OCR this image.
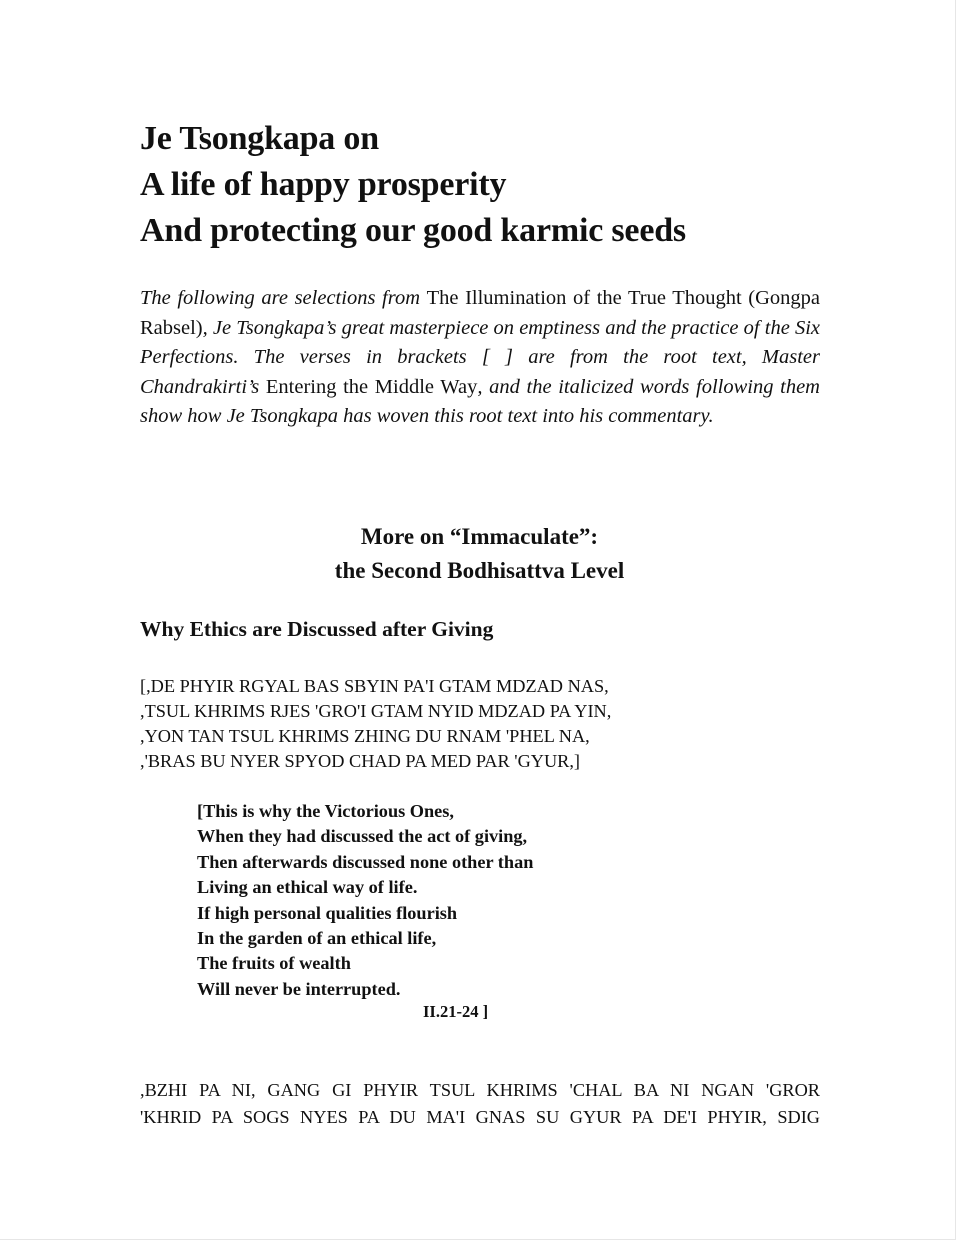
Je Tsongkapa on
A life of happy prosperity
And protecting our good karmic seeds

The following are selections from The Illumination of the True Thought (Gongpa Rabsel), Je Tsongkapa’s great masterpiece on emptiness and the practice of the Six Perfections. The verses in brackets [ ] are from the root text, Master Chandrakirti’s Entering the Middle Way, and the italicized words following them show how Je Tsongkapa has woven this root text into his commentary.

More on “Immaculate”:
the Second Bodhisattva Level
Why Ethics are Discussed after Giving
[,DE PHYIR RGYAL BAS SBYIN PA'I GTAM MDZAD NAS,
,TSUL KHRIMS RJES 'GRO'I GTAM NYID MDZAD PA YIN,
,YON TAN TSUL KHRIMS ZHING DU RNAM 'PHEL NA,
,'BRAS BU NYER SPYOD CHAD PA MED PAR 'GYUR,]
[This is why the Victorious Ones,
When they had discussed the act of giving,
Then afterwards discussed none other than
Living an ethical way of life.
If high personal qualities flourish
In the garden of an ethical life,
The fruits of wealth
Will never be interrupted.
II.21-24 ]
,BZHI PA NI, GANG GI PHYIR TSUL KHRIMS 'CHAL BA NI NGAN 'GROR
'KHRID PA SOGS NYES PA DU MA'I GNAS SU GYUR PA DE'I PHYIR, SDIG
